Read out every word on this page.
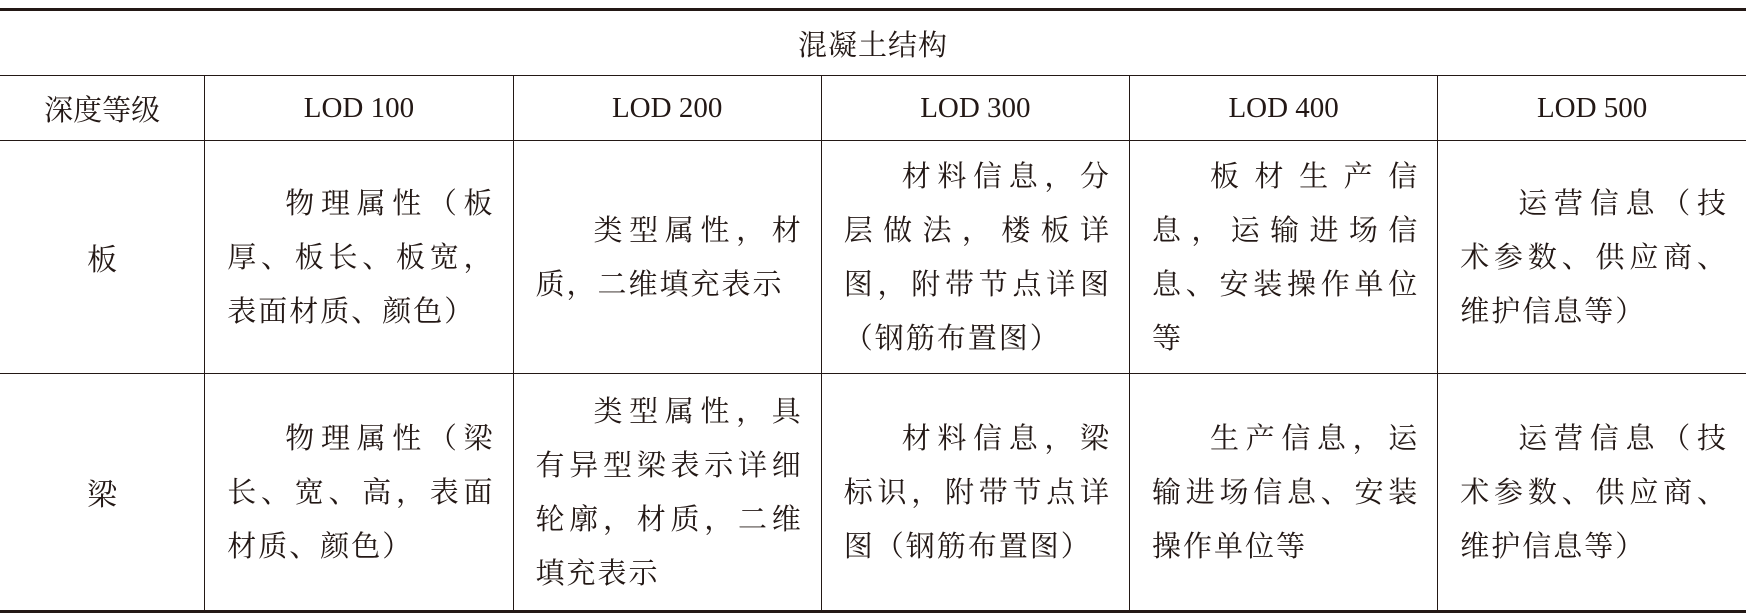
混凝土结构					
深度等级	LOD 100	LOD 200	LOD 300	LOD 400	LOD 500
板	物理属性（板厚、板长、板宽，表面材质、颜色）	类型属性，材质，二维填充表示	材料信息，分层做法，楼板详图，附带节点详图（钢筋布置图）	板材生产信息，运输进场信息、安装操作单位等	运营信息（技术参数、供应商、维护信息等）

梁	物理属性（梁长、宽、高，表面材质、颜色）	类型属性，具有异型梁表示详细轮廓，材质，二维填充表示	材料信息，梁标识，附带节点详图（钢筋布置图）	生产信息，运输进场信息、安装操作单位等	运营信息（技术参数、供应商、维护信息等）
